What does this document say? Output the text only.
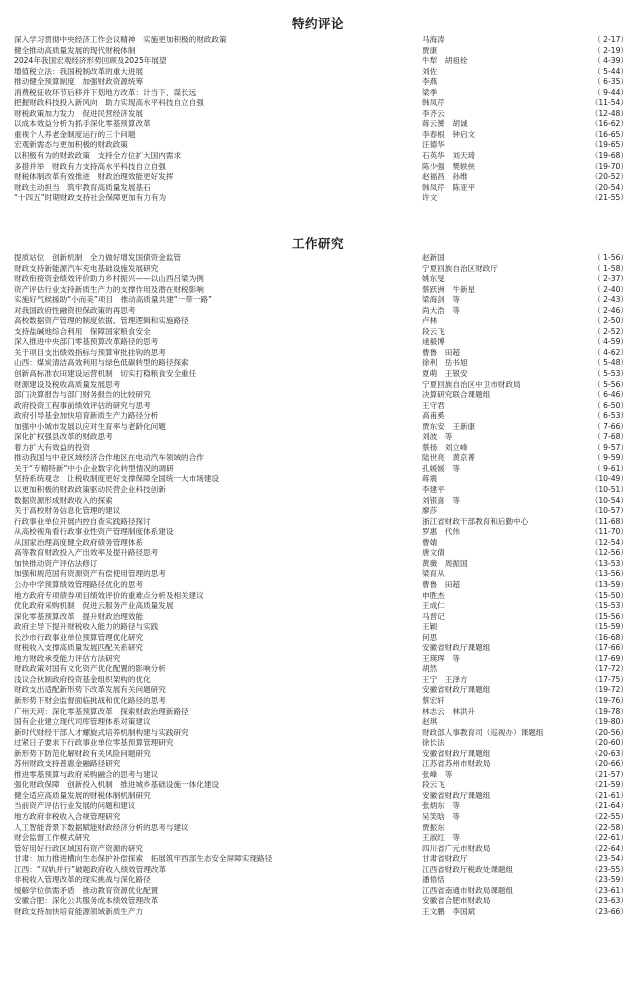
特约评论
深入学习贯彻中央经济工作会议精神　实施更加积极的财政政策	马海涛	（ 2-17）
健全推动高质量发展的现代财税体制	贾康	（ 2-19）
2024年我国宏观经济形势回顾及2025年展望	牛犁　胡祖铨	（ 4-39）
增值税立法：我国税制改革的重大进展	刘佐	（ 5-44）
推动健全预算制度　加强财政资源统筹	李燕	（ 6-35）
消费税征收环节后移并下划地方改革：计当下、谋长远	梁季	（ 9-44）
把握财政科技投入新风向　助力实现高水平科技自立自强	韩凤芹	（11-54）
财税政策加力发力　促进民营经济发展	李齐云	（12-48）
以成本效益分析为抓手深化零基预算改革	蒋云赟　胡诚	（16-62）
重视个人养老金制度运行的三个问题	李春根　钟启文	（16-65）
宏观新需态与更加积极的财政政策	汪德华	（19-65）
以积极有为的财政政策　支持全方位扩大国内需求	石英华　刘天琦	（19-68）
多措并举　财政有力支持高水平科技自立自强	陈少强　樊轶侠	（19-70）
财税体制改革有效推进　财政治理效能更好发挥	赵福昌　孙维	（20-52）
财政主动担当　筑牢教育高质量发展基石	韩凤芹　陈亚平	（20-54）
“十四五”时期财政支持社会保障更加有力有为	许文	（21-55）
工作研究
提质站位　创新机制　全力做好增发国债资金监管	赵新国	（ 1-56）
财政支持新能源汽车充电基础设施发展研究	宁夏回族自治区财政厅	（ 1-58）
财政衔接资金绩效评价助力乡村振兴——以山西吕梁为例	姚东旻	（ 2-37）
资产评估行业支持新质生产力的支撑作用及潜在财税影响	蔡跃洲　牛新星	（ 2-40）
实施好气候援助“小而美”项目　推动高质量共建“一带一路”	梁海剑　等	（ 2-43）
对我国政府性融资担保政策的再思考	尚大浩　等	（ 2-46）
高校数据资产管理的制度依据、管理逻辑和实施路径	卢林	（ 2-50）
支持盐碱地综合利用　保障国家粮食安全	段云飞	（ 2-52）
深入推进中央部门零基预算改革路径的思考	逯毅博	（ 4-59）
关于项目支出绩效指标与预算审批挂钩的思考	曹鲁　田超	（ 4-62）
山西：煤炭清洁高效利用与绿色低碳转型的路径探索	徐利　岳书旭	（ 5-48）
创新高标准农田建设运营机制　切实打稳粮食安全重任	夏萌　王银安	（ 5-53）
财源建设及税收高质量发展思考	宁夏回族自治区中卫市财政局	（ 5-56）
部门决算报告与部门财务报告的比较研究	决算研究联合课题组	（ 6-46）
政府投资工程事前绩效评估的研究与思考	王守君	（ 6-50）
政府引导基金加快培育新质生产力路径分析	高甫奚	（ 6-53）
加强中小城市发展以应对生育率与老龄化问题	贾东安　王新康	（ 7-66）
深化扩权强县改革的财政思考	刘波　等	（ 7-68）
着力扩大有效益的投资	蔡扬　刘立峰	（ 9-57）
推动我国与中亚区域经济合作地区在电动汽车领域的合作	陆世亮　黄京菁	（ 9-59）
关于“专精特新”中小企业数字化转型情况的调研	孔媛媛　等	（ 9-61）
坚持系统观念　让税收制度更好支撑保障全国统一大市场建设	蒋震	（10-49）
以更加积极的财政政策驱动民营企业科技创新	李建平	（10-51）
数据资源形成财政收入的探索	刘银喜　等	（10-54）
关于高校财务信息化管理的建议	廖莎	（10-57）
行政事业单位开展内控自查实践路径探讨	浙江省财政干部教育和后勤中心	（11-68）
从高校视角看行政事业性资产管理制度体系建设	罗惠　代伟	（11-70）
从国家治理高度健全政府债务管理体系	曹婧	（12-54）
高等教育财政投入产出效率及提升路径思考	唐文倩	（12-56）
加快推动资产评估法修订	黄薇　周振国	（13-53）
加强和规范国有资源资产有偿使用管理的思考	梁育从	（13-56）
公办中学预算绩效管理路径优化的思考	曹鲁　田超	（13-59）
地方政府专项债券项目绩效评价的重难点分析及相关建议	申胜杰	（15-50）
优化政府采购机制　促进云服务产业高质量发展	王成仁	（15-53）
深化零基预算改革　提升财政治理效能	马晋记	（15-56）
政府主导下提升财税收入能力的路径与实践	王颖	（15-59）
长沙市行政事业单位预算管理优化研究	何思	（16-68）
财税收入支撑高质量发展匹配关系研究	安徽省财政厅课题组	（17-66）
地方财政承受能力评估方法研究	王瑛珲　等	（17-69）
财政政策对国有文化资产优化配置的影响分析	胡然	（17-72）
浅议合伙制政府投资基金组织架构的优化	王宁　王泽方	（17-75）
财政支出适配新形势下改革发展有关问题研究	安徽省财政厅课题组	（19-72）
新形势下财会监督面临挑战和优化路径的思考	蔡宏轩	（19-76）
广州天河：深化零基预算改革　探索财政治理新路径	林志云　林洪升	（19-78）
国有企业建立现代司库管理体系对策建议	赵琪	（19-80）
新时代财经干部人才螺旋式培养机制构建与实践研究	财政部人事教育司（巡视办）课题组	（20-56）
过紧日子要求下行政事业单位零基预算管理研究	徐长法	（20-60）
新形势下防范化解财政有关风险问题研究	安徽省财政厅课题组	（20-63）
苏州财政支持普惠金融路径研究	江苏省苏州市财政局	（20-66）
推进零基预算与政府采购融合的思考与建议	张峰　等	（21-57）
强化财政保障　创新投入机制　推进城乡基础设施一体化建设	段云飞	（21-59）
健全适应高质量发展的财税体制机制研究	安徽省财政厅课题组	（21-61）
当前资产评估行业发展的问题和建议	张炳东　等	（21-64）
地方政府非税收入合规管理研究	吴笑晗　等	（22-55）
人工智能背景下数据赋能财政经济分析的思考与建议	贾振东	（22-58）
财会监督工作模式研究	王淑红　等	（22-61）
管好用好行政区域国有资产资源的研究	四川省广元市财政局	（22-64）
甘肃：加力推进横向生态保护补偿探索　拓展筑牢西部生态安全屏障实现路径	甘肃省财政厅	（23-54）
江西：“双轨并行”破题政府收入绩效管理改革	江西省财政厅税政处课题组	（23-55）
非税收入管理改革的现实挑战与深化路径	潘悟恬	（23-59）
缓解学位供需矛盾　推动教育资源优化配置	江西省南通市财政局课题组	（23-61）
安徽合肥：深化公共服务成本绩效管理改革	安徽省合肥市财政局	（23-63）
财政支持加快培育能源领域新质生产力	王文鹏　李国斌	（23-66）
